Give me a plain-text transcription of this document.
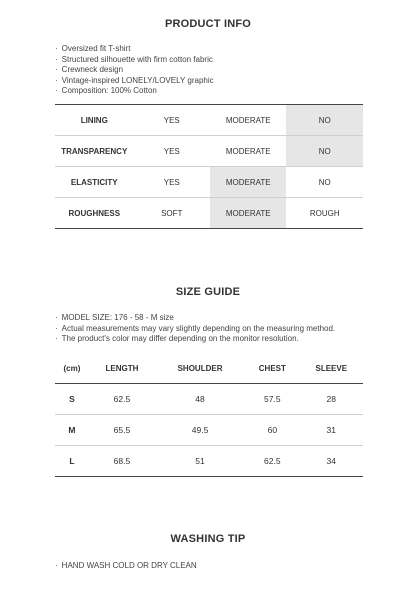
PRODUCT INFO
· Oversized fit T-shirt
· Structured silhouette with firm cotton fabric
· Crewneck design
· Vintage-inspired LONELY/LOVELY graphic
· Composition: 100% Cotton
LINING	YES	MODERATE	NO
TRANSPARENCY	YES	MODERATE	NO
ELASTICITY	YES	MODERATE	NO
ROUGHNESS	SOFT	MODERATE	ROUGH
SIZE GUIDE
· MODEL SIZE: 176 - 58 - M size
· Actual measurements may vary slightly depending on the measuring method.
· The product's color may differ depending on the monitor resolution.
(cm)	LENGTH	SHOULDER	CHEST	SLEEVE
S	62.5	48	57.5	28
M	65.5	49.5	60	31
L	68.5	51	62.5	34
WASHING TIP
· HAND WASH COLD OR DRY CLEAN
